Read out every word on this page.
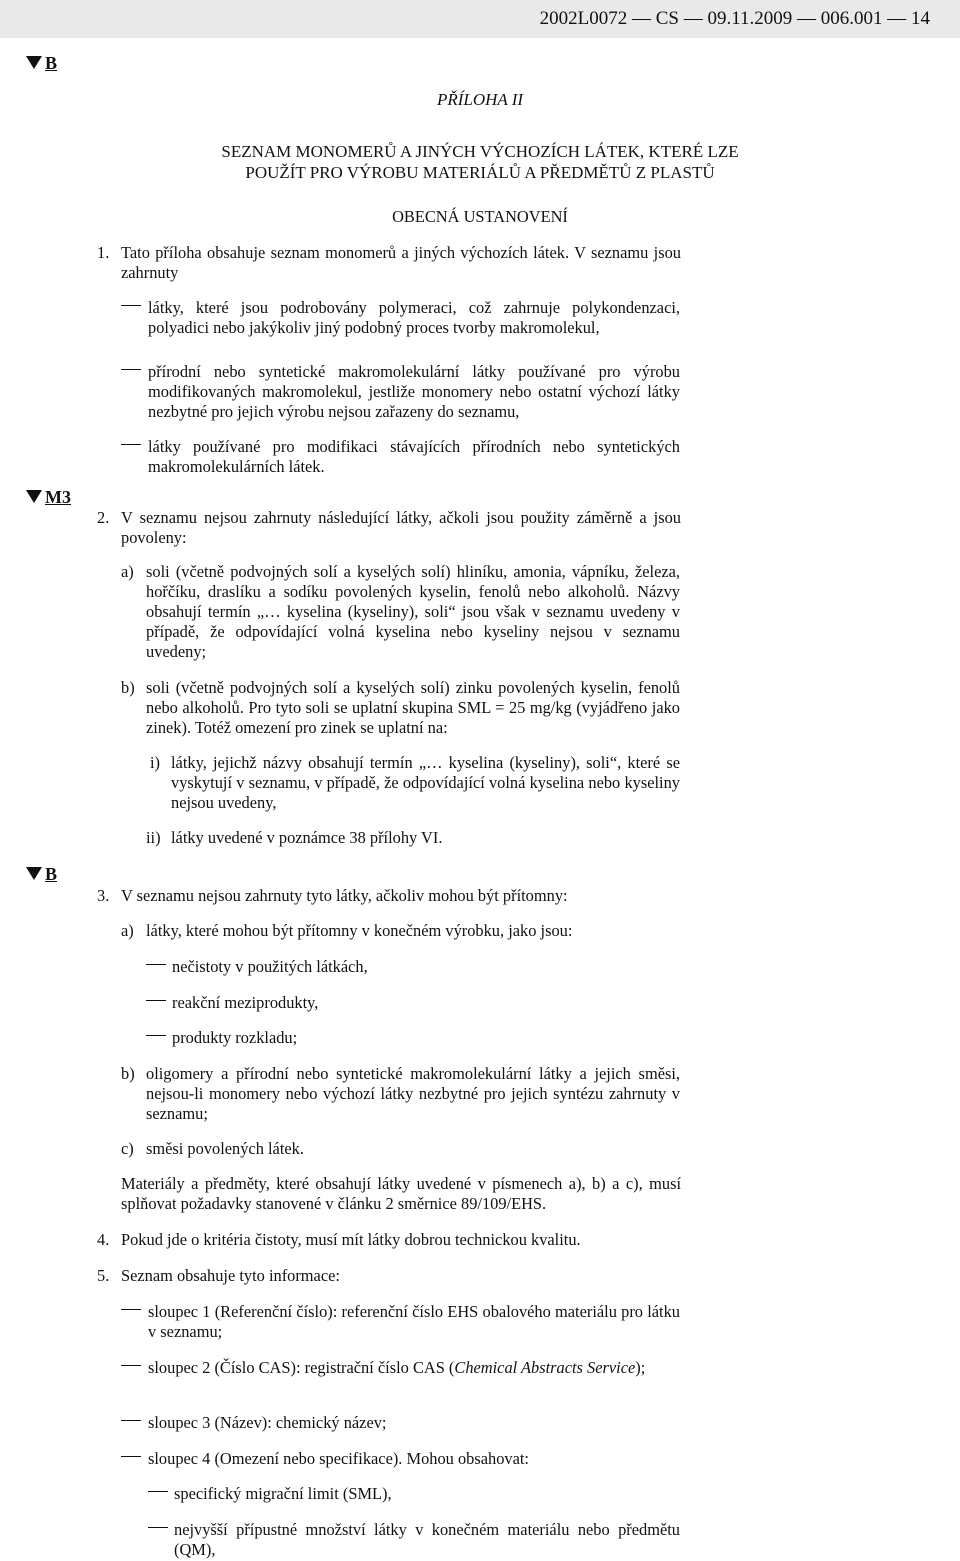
2002L0072 — CS — 09.11.2009 — 006.001 — 14
B
PŘÍLOHA II
SEZNAM MONOMERŮ A JINÝCH VÝCHOZÍCH LÁTEK, KTERÉ LZE
POUŽÍT PRO VÝROBU MATERIÁLŮ A PŘEDMĚTŮ Z PLASTŮ
OBECNÁ USTANOVENÍ
1. Tato příloha obsahuje seznam monomerů a jiných výchozích látek. V seznamu jsou zahrnuty
látky, které jsou podrobovány polymeraci, což zahrnuje polykondenzaci, polyadici nebo jakýkoliv jiný podobný proces tvorby makromolekul,
přírodní nebo syntetické makromolekulární látky používané pro výrobu modifikovaných makromolekul, jestliže monomery nebo ostatní výchozí látky nezbytné pro jejich výrobu nejsou zařazeny do seznamu,
látky používané pro modifikaci stávajících přírodních nebo syntetických makromolekulárních látek.
M3
2. V seznamu nejsou zahrnuty následující látky, ačkoli jsou použity záměrně a jsou povoleny:
a) soli (včetně podvojných solí a kyselých solí) hliníku, amonia, vápníku, železa, hořčíku, draslíku a sodíku povolených kyselin, fenolů nebo alkoholů. Názvy obsahují termín „… kyselina (kyseliny), soli“ jsou však v seznamu uvedeny v případě, že odpovídající volná kyselina nebo kyseliny nejsou v seznamu uvedeny;
b) soli (včetně podvojných solí a kyselých solí) zinku povolených kyselin, fenolů nebo alkoholů. Pro tyto soli se uplatní skupina SML = 25 mg/kg (vyjádřeno jako zinek). Totéž omezení pro zinek se uplatní na:
i) látky, jejichž názvy obsahují termín „… kyselina (kyseliny), soli“, které se vyskytují v seznamu, v případě, že odpovídající volná kyselina nebo kyseliny nejsou uvedeny,
ii) látky uvedené v poznámce 38 přílohy VI.
B
3. V seznamu nejsou zahrnuty tyto látky, ačkoliv mohou být přítomny:
a) látky, které mohou být přítomny v konečném výrobku, jako jsou:
nečistoty v použitých látkách,
reakční meziprodukty,
produkty rozkladu;
b) oligomery a přírodní nebo syntetické makromolekulární látky a jejich směsi, nejsou-li monomery nebo výchozí látky nezbytné pro jejich syntézu zahrnuty v seznamu;
c) směsi povolených látek.
Materiály a předměty, které obsahují látky uvedené v písmenech a), b) a c), musí splňovat požadavky stanovené v článku 2 směrnice 89/109/EHS.
4. Pokud jde o kritéria čistoty, musí mít látky dobrou technickou kvalitu.
5. Seznam obsahuje tyto informace:
sloupec 1 (Referenční číslo): referenční číslo EHS obalového materiálu pro látku v seznamu;
sloupec 2 (Číslo CAS): registrační číslo CAS (Chemical Abstracts Service);
sloupec 3 (Název): chemický název;
sloupec 4 (Omezení nebo specifikace). Mohou obsahovat:
specifický migrační limit (SML),
nejvyšší přípustné množství látky v konečném materiálu nebo předmětu (QM),
